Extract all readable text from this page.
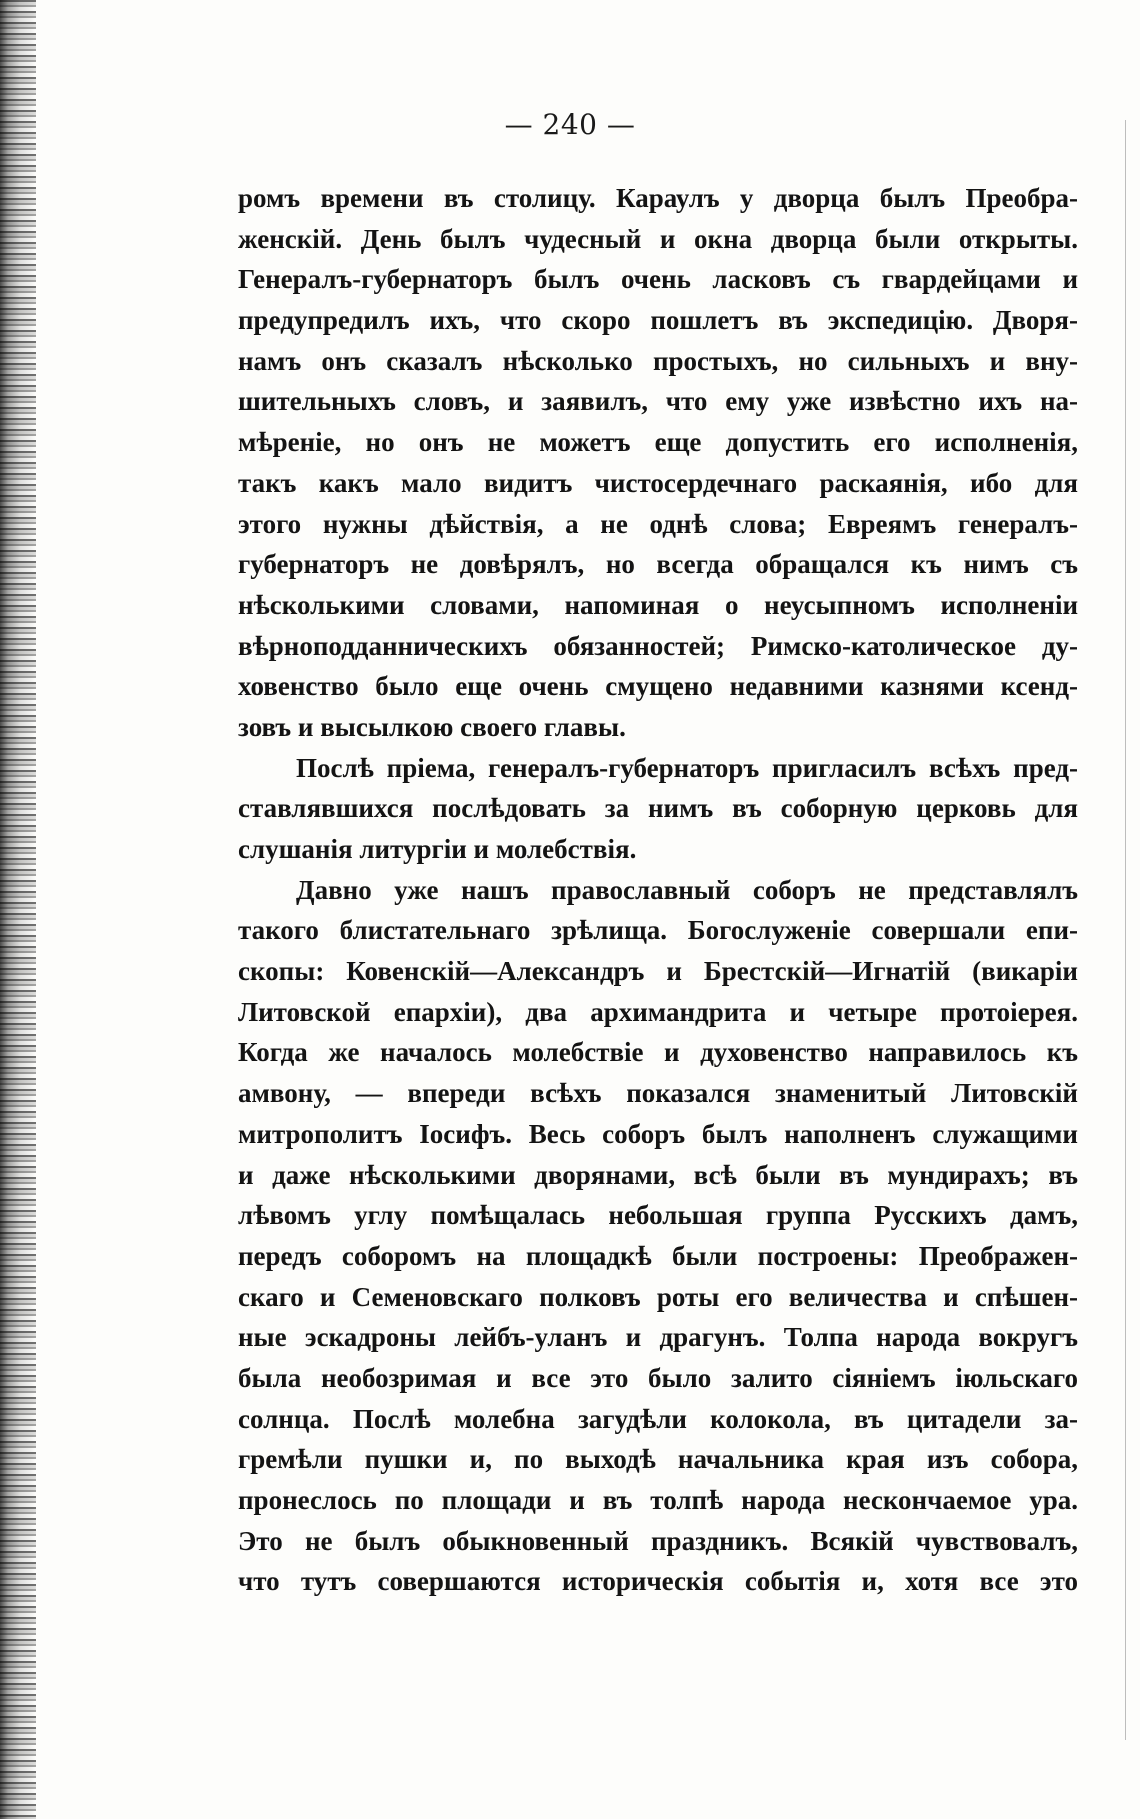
— 240 —
ромъ времени въ столицу. Караулъ у дворца былъ Преобра-
женскій. День былъ чудесный и окна дворца были открыты.
Генералъ-губернаторъ былъ очень ласковъ съ гвардейцами и
предупредилъ ихъ, что скоро пошлетъ въ экспедицію. Двоpя-
намъ онъ сказалъ нѣсколько простыхъ, но сильныхъ и вну-
шительныхъ словъ, и заявилъ, что ему уже извѣстно ихъ на-
мѣреніе, но онъ не можетъ еще допустить его исполненія,
такъ какъ мало видитъ чистосердечнаго раскаянія, ибо для
этого нужны дѣйствія, а не однѣ слова; Евреямъ генералъ-
губернаторъ не довѣрялъ, но всегда обращался къ нимъ съ
нѣсколькими словами, напоминая о неусыпномъ исполненіи
вѣрноподданническихъ обязанностей; Римско-католическое ду-
ховенство было еще очень смущено недавними казнями ксенд-
зовъ и высылкою своего главы.
Послѣ пріема, генералъ-губернаторъ пригласилъ всѣхъ пред-
ставлявшихся послѣдовать за нимъ въ соборную церковь для
слушанія литургіи и молебствія.
Давно уже нашъ православный соборъ не представлялъ
такого блистательнаго зрѣлища. Богослуженіе совершали епи-
скопы: Ковенскій—Александръ и Брестскій—Игнатій (викаріи
Литовской епархіи), два архимандрита и четыре протоіерея.
Когда же началось молебствіе и духовенство направилось къ
амвону, — впереди всѣхъ показался знаменитый Литовскій
митрополитъ Іосифъ. Весь соборъ былъ наполненъ служащими
и даже нѣсколькими дворянами, всѣ были въ мундирахъ; въ
лѣвомъ углу помѣщалась небольшая группа Русскихъ дамъ,
передъ соборомъ на площадкѣ были построены: Преображен-
скаго и Семеновскаго полковъ роты его величества и спѣшен-
ные эскадроны лейбъ-уланъ и драгунъ. Толпа народа вокругъ
была необозримая и все это было залито сіяніемъ іюльскаго
солнца. Послѣ молебна загудѣли колокола, въ цитадели за-
гремѣли пушки и, по выходѣ начальника края изъ собора,
пронеслось по площади и въ толпѣ народа нескончаемое ура.
Это не былъ обыкновенный праздникъ. Всякій чувствовалъ,
что тутъ совершаются историческія событія и, хотя все это
